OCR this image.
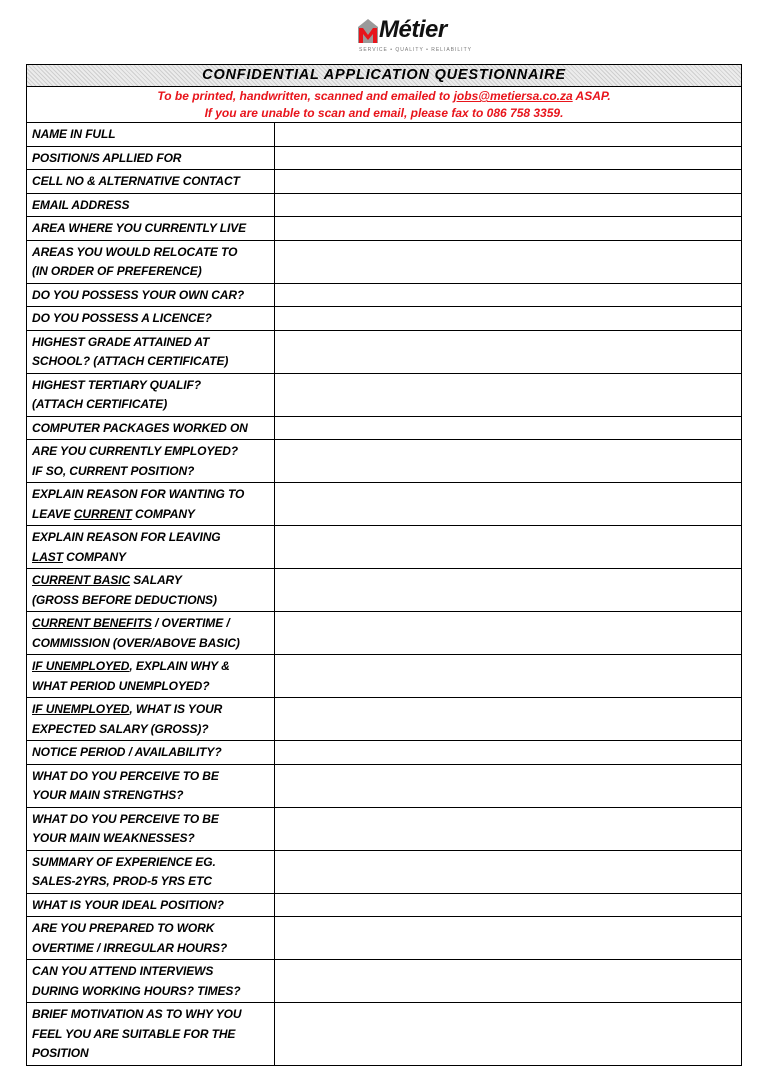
Métier
SERVICE • QUALITY • RELIABILITY
CONFIDENTIAL APPLICATION QUESTIONNAIRE
To be printed, handwritten, scanned and emailed to jobs@metiersa.co.za ASAP.
If you are unable to scan and email, please fax to 086 758 3359.
NAME IN FULL
POSITION/S APLLIED FOR
CELL NO & ALTERNATIVE CONTACT
EMAIL ADDRESS
AREA WHERE YOU CURRENTLY LIVE
AREAS YOU WOULD RELOCATE TO
(IN ORDER OF PREFERENCE)
DO YOU POSSESS YOUR OWN CAR?
DO YOU POSSESS A LICENCE?
HIGHEST GRADE ATTAINED AT
SCHOOL? (ATTACH CERTIFICATE)
HIGHEST TERTIARY QUALIF?
(ATTACH CERTIFICATE)
COMPUTER PACKAGES WORKED ON
ARE YOU CURRENTLY EMPLOYED?
IF SO, CURRENT POSITION?
EXPLAIN REASON FOR WANTING TO
LEAVE CURRENT COMPANY
EXPLAIN REASON FOR LEAVING
LAST COMPANY
CURRENT BASIC SALARY
(GROSS BEFORE DEDUCTIONS)
CURRENT BENEFITS / OVERTIME /
COMMISSION (OVER/ABOVE BASIC)
IF UNEMPLOYED, EXPLAIN WHY &
WHAT PERIOD UNEMPLOYED?
IF UNEMPLOYED, WHAT IS YOUR
EXPECTED SALARY (GROSS)?
NOTICE PERIOD / AVAILABILITY?
WHAT DO YOU PERCEIVE TO BE
YOUR MAIN STRENGTHS?
WHAT DO YOU PERCEIVE TO BE
YOUR MAIN WEAKNESSES?
SUMMARY OF EXPERIENCE EG.
SALES-2YRS, PROD-5 YRS ETC
WHAT IS YOUR IDEAL POSITION?
ARE YOU PREPARED TO WORK
OVERTIME / IRREGULAR HOURS?
CAN YOU ATTEND INTERVIEWS
DURING WORKING HOURS? TIMES?
BRIEF MOTIVATION AS TO WHY YOU
FEEL YOU ARE SUITABLE FOR THE
POSITION
